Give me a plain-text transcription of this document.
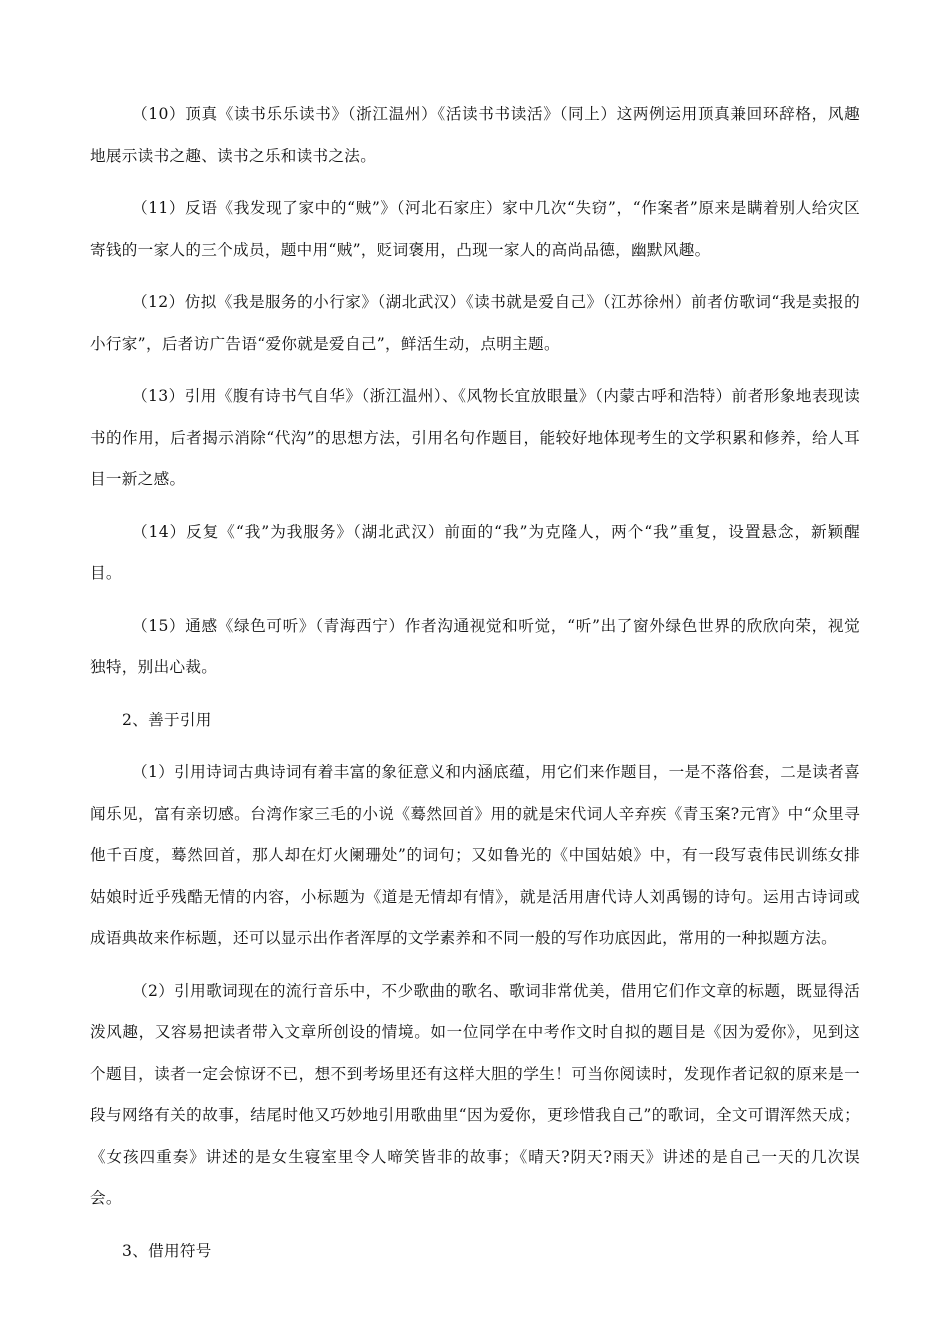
（10）顶真《读书乐乐读书》（浙江温州）《活读书书读活》（同上）这两例运用顶真兼回环辞格，风趣地展示读书之趣、读书之乐和读书之法。

（11）反语《我发现了家中的“贼”》（河北石家庄）家中几次“失窃”，“作案者”原来是瞒着别人给灾区寄钱的一家人的三个成员，题中用“贼”，贬词褒用，凸现一家人的高尚品德，幽默风趣。

（12）仿拟《我是服务的小行家》（湖北武汉）《读书就是爱自己》（江苏徐州）前者仿歌词“我是卖报的小行家”，后者访广告语“爱你就是爱自己”，鲜活生动，点明主题。

（13）引用《腹有诗书气自华》（浙江温州）、《风物长宜放眼量》（内蒙古呼和浩特）前者形象地表现读书的作用，后者揭示消除“代沟”的思想方法，引用名句作题目，能较好地体现考生的文学积累和修养，给人耳目一新之感。

（14）反复《“我”为我服务》（湖北武汉）前面的“我”为克隆人，两个“我”重复，设置悬念，新颖醒目。

（15）通感《绿色可听》（青海西宁）作者沟通视觉和听觉，“听”出了窗外绿色世界的欣欣向荣，视觉独特，别出心裁。

2、善于引用

（1）引用诗词古典诗词有着丰富的象征意义和内涵底蕴，用它们来作题目，一是不落俗套，二是读者喜闻乐见，富有亲切感。台湾作家三毛的小说《蓦然回首》用的就是宋代词人辛弃疾《青玉案?元宵》中“众里寻他千百度，蓦然回首，那人却在灯火阑珊处”的词句；又如鲁光的《中国姑娘》中，有一段写袁伟民训练女排姑娘时近乎残酷无情的内容，小标题为《道是无情却有情》，就是活用唐代诗人刘禹锡的诗句。运用古诗词或成语典故来作标题，还可以显示出作者浑厚的文学素养和不同一般的写作功底因此，常用的一种拟题方法。

（2）引用歌词现在的流行音乐中，不少歌曲的歌名、歌词非常优美，借用它们作文章的标题，既显得活泼风趣，又容易把读者带入文章所创设的情境。如一位同学在中考作文时自拟的题目是《因为爱你》，见到这个题目，读者一定会惊讶不已，想不到考场里还有这样大胆的学生！可当你阅读时，发现作者记叙的原来是一段与网络有关的故事，结尾时他又巧妙地引用歌曲里“因为爱你，更珍惜我自己”的歌词，全文可谓浑然天成；《女孩四重奏》讲述的是女生寝室里令人啼笑皆非的故事；《晴天?阴天?雨天》讲述的是自己一天的几次误会。

3、借用符号
